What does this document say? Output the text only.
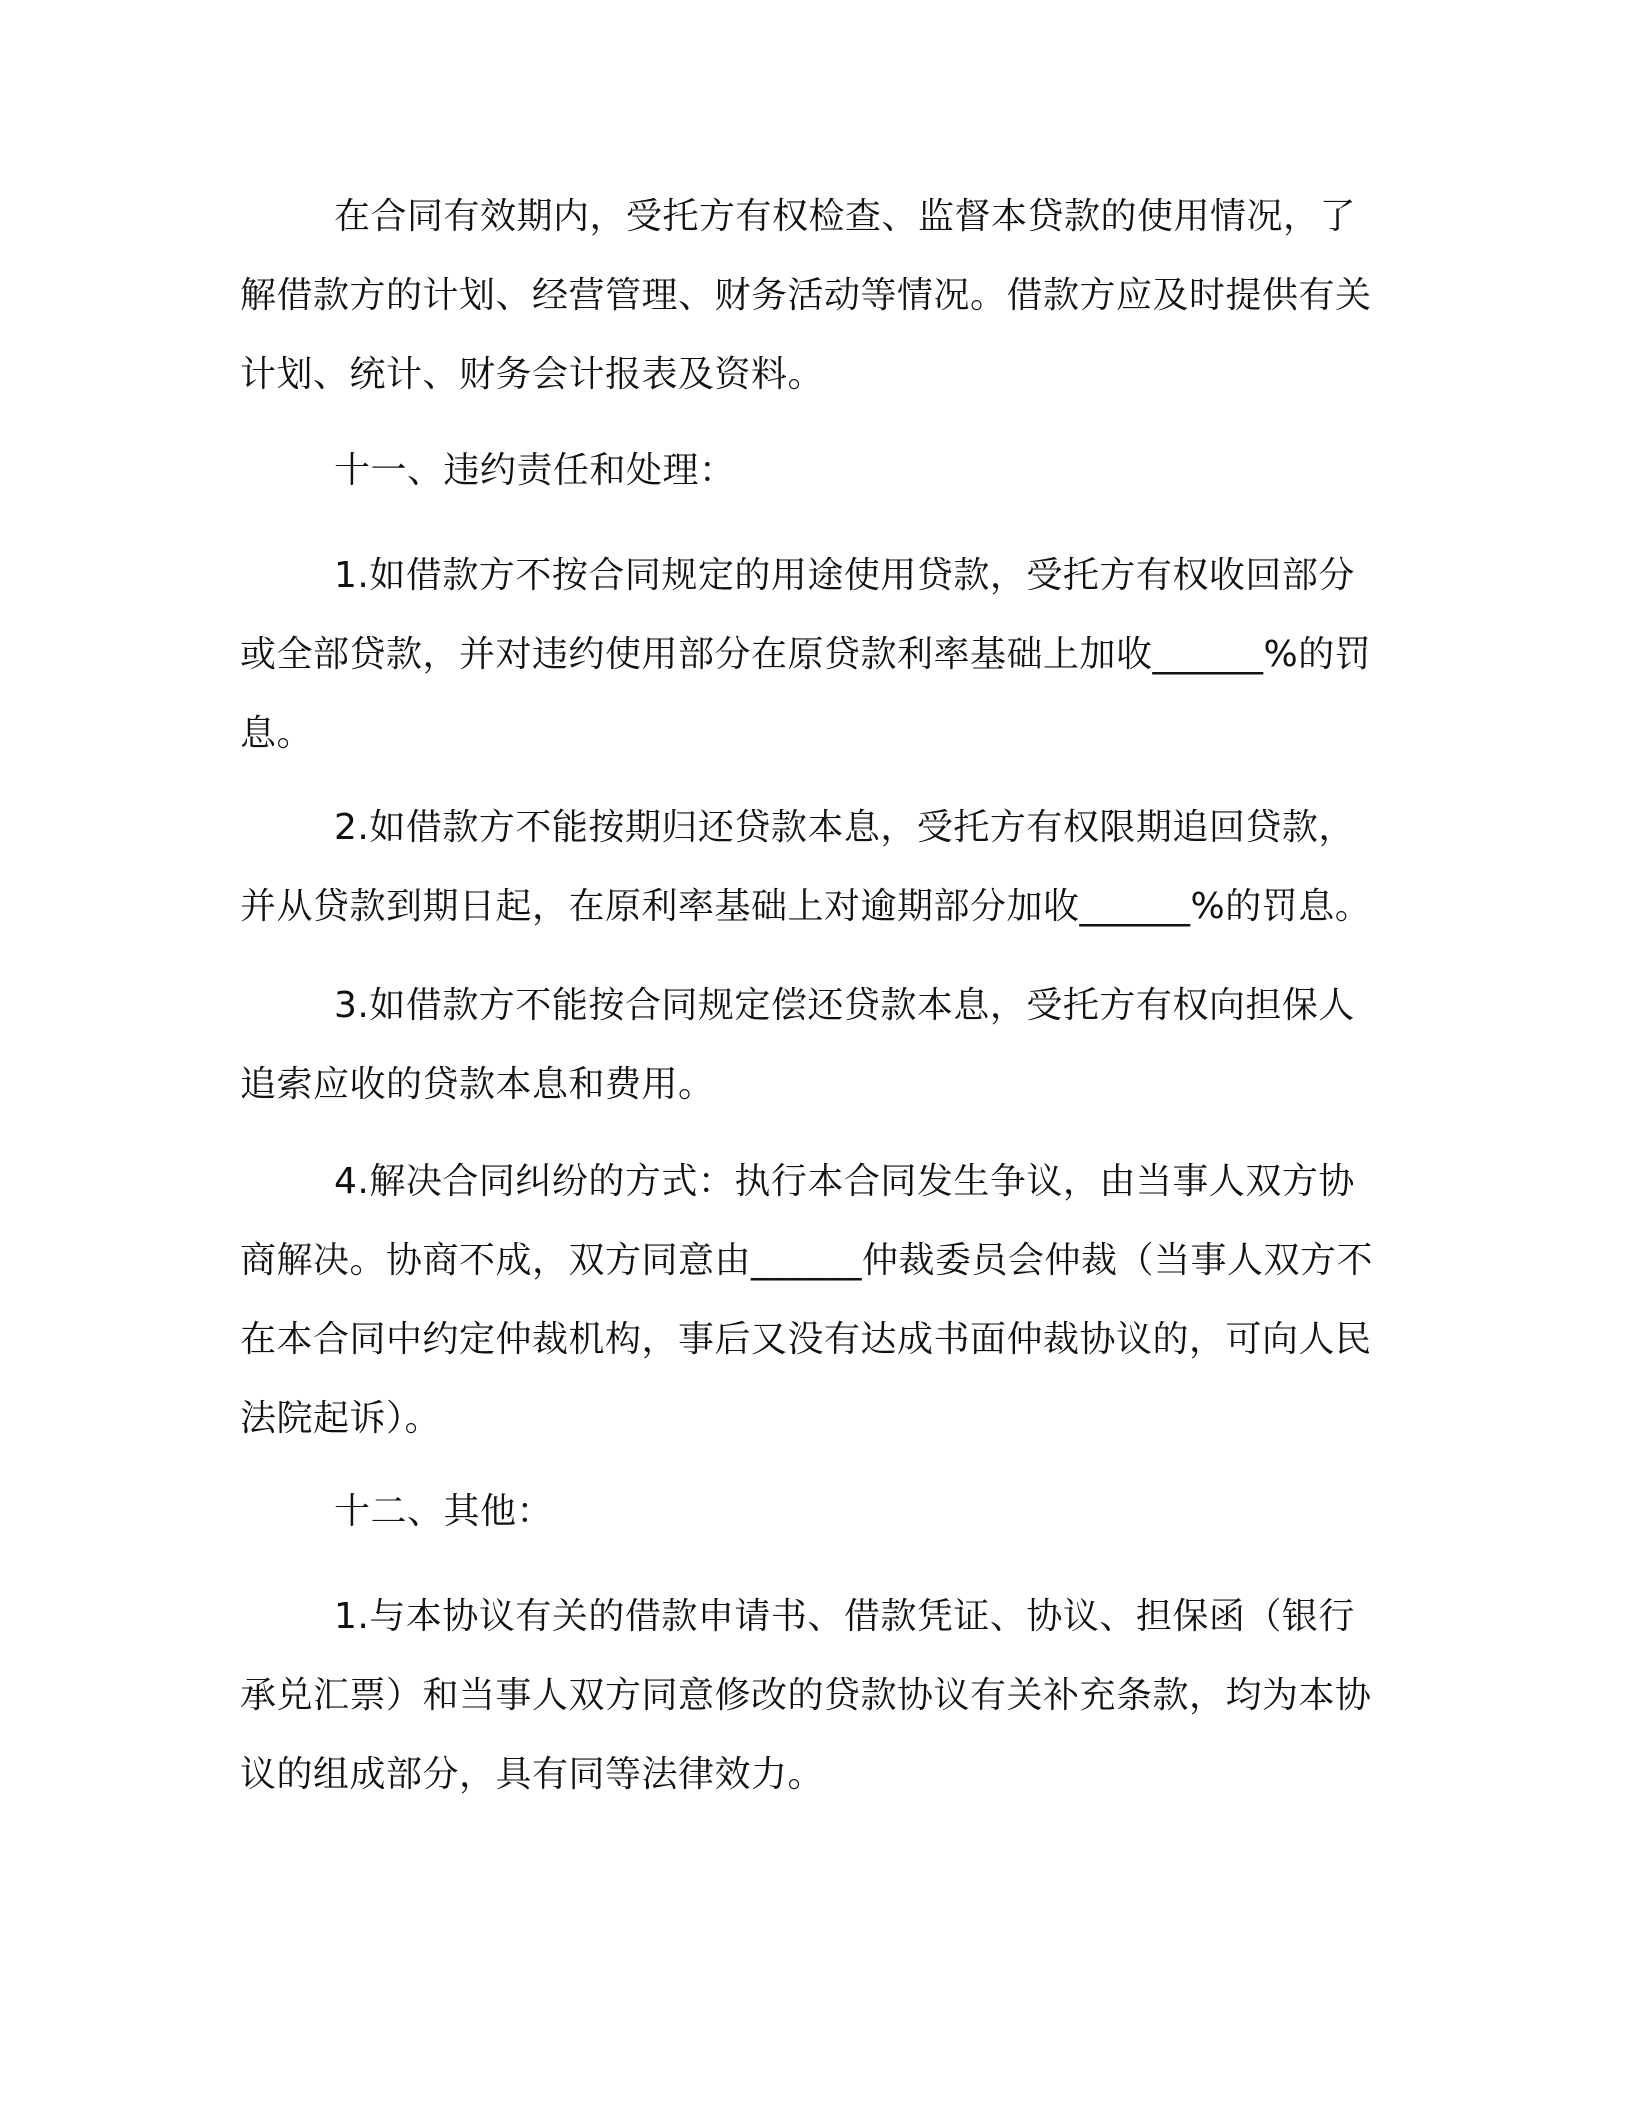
在合同有效期内，受托方有权检查、监督本贷款的使用情况，了解借款方的计划、经营管理、财务活动等情况。借款方应及时提供有关计划、统计、财务会计报表及资料。

十一、违约责任和处理：

1.如借款方不按合同规定的用途使用贷款，受托方有权收回部分或全部贷款，并对违约使用部分在原贷款利率基础上加收______%的罚息。

2.如借款方不能按期归还贷款本息，受托方有权限期追回贷款，并从贷款到期日起，在原利率基础上对逾期部分加收______%的罚息。

3.如借款方不能按合同规定偿还贷款本息，受托方有权向担保人追索应收的贷款本息和费用。

4.解决合同纠纷的方式：执行本合同发生争议，由当事人双方协商解决。协商不成，双方同意由______仲裁委员会仲裁（当事人双方不在本合同中约定仲裁机构，事后又没有达成书面仲裁协议的，可向人民法院起诉）。

十二、其他：

1.与本协议有关的借款申请书、借款凭证、协议、担保函（银行承兑汇票）和当事人双方同意修改的贷款协议有关补充条款，均为本协议的组成部分，具有同等法律效力。
